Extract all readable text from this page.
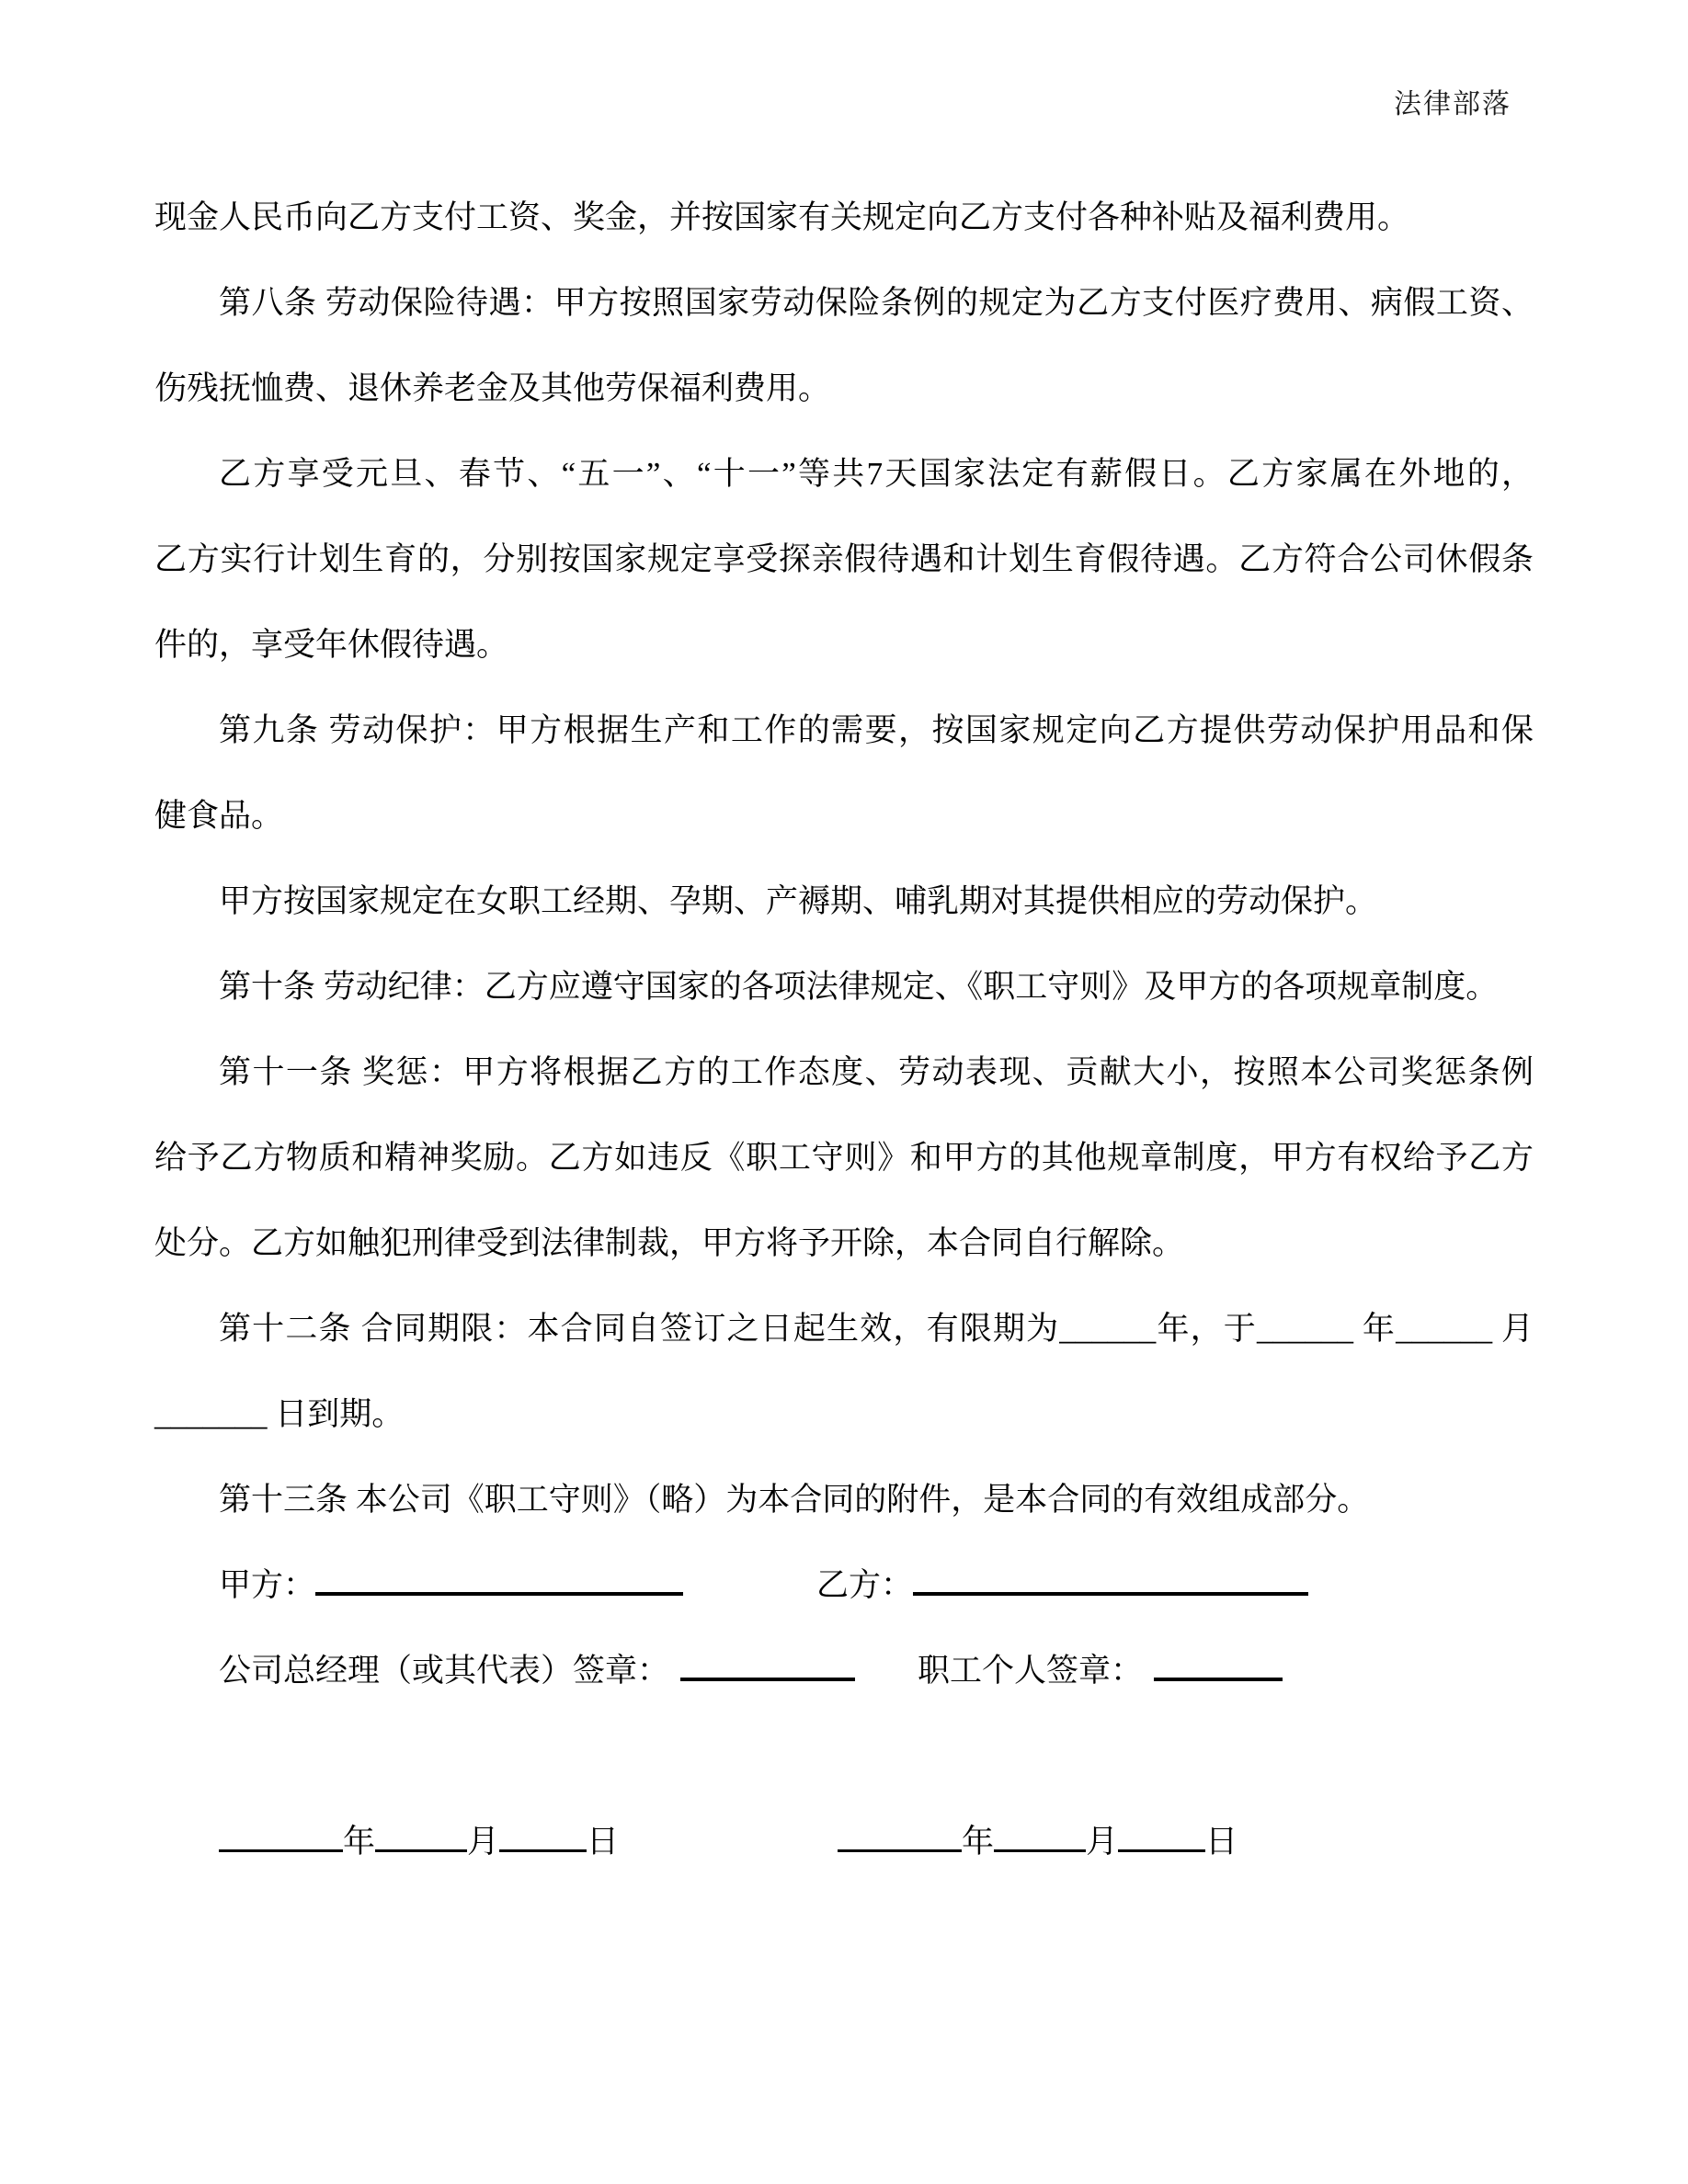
法律部落
现金人民币向乙方支付工资、奖金，并按国家有关规定向乙方支付各种补贴及福利费用。
第八条 劳动保险待遇：甲方按照国家劳动保险条例的规定为乙方支付医疗费用、病假工资、
伤残抚恤费、退休养老金及其他劳保福利费用。
乙方享受元旦、春节、“五一”、“十一”等共7天国家法定有薪假日。乙方家属在外地的，
乙方实行计划生育的，分别按国家规定享受探亲假待遇和计划生育假待遇。乙方符合公司休假条
件的，享受年休假待遇。
第九条 劳动保护：甲方根据生产和工作的需要，按国家规定向乙方提供劳动保护用品和保
健食品。
甲方按国家规定在女职工经期、孕期、产褥期、哺乳期对其提供相应的劳动保护。
第十条 劳动纪律：乙方应遵守国家的各项法律规定、《职工守则》及甲方的各项规章制度。
第十一条 奖惩：甲方将根据乙方的工作态度、劳动表现、贡献大小，按照本公司奖惩条例
给予乙方物质和精神奖励。乙方如违反《职工守则》和甲方的其他规章制度，甲方有权给予乙方
处分。乙方如触犯刑律受到法律制裁，甲方将予开除，本合同自行解除。
第十二条 合同期限：本合同自签订之日起生效，有限期为______年，于______ 年______ 月
_______ 日到期。
第十三条 本公司《职工守则》（略）为本合同的附件，是本合同的有效组成部分。
甲方：	乙方：
公司总经理（或其代表）签章：	职工个人签章：
年	月	日	年	月	日
